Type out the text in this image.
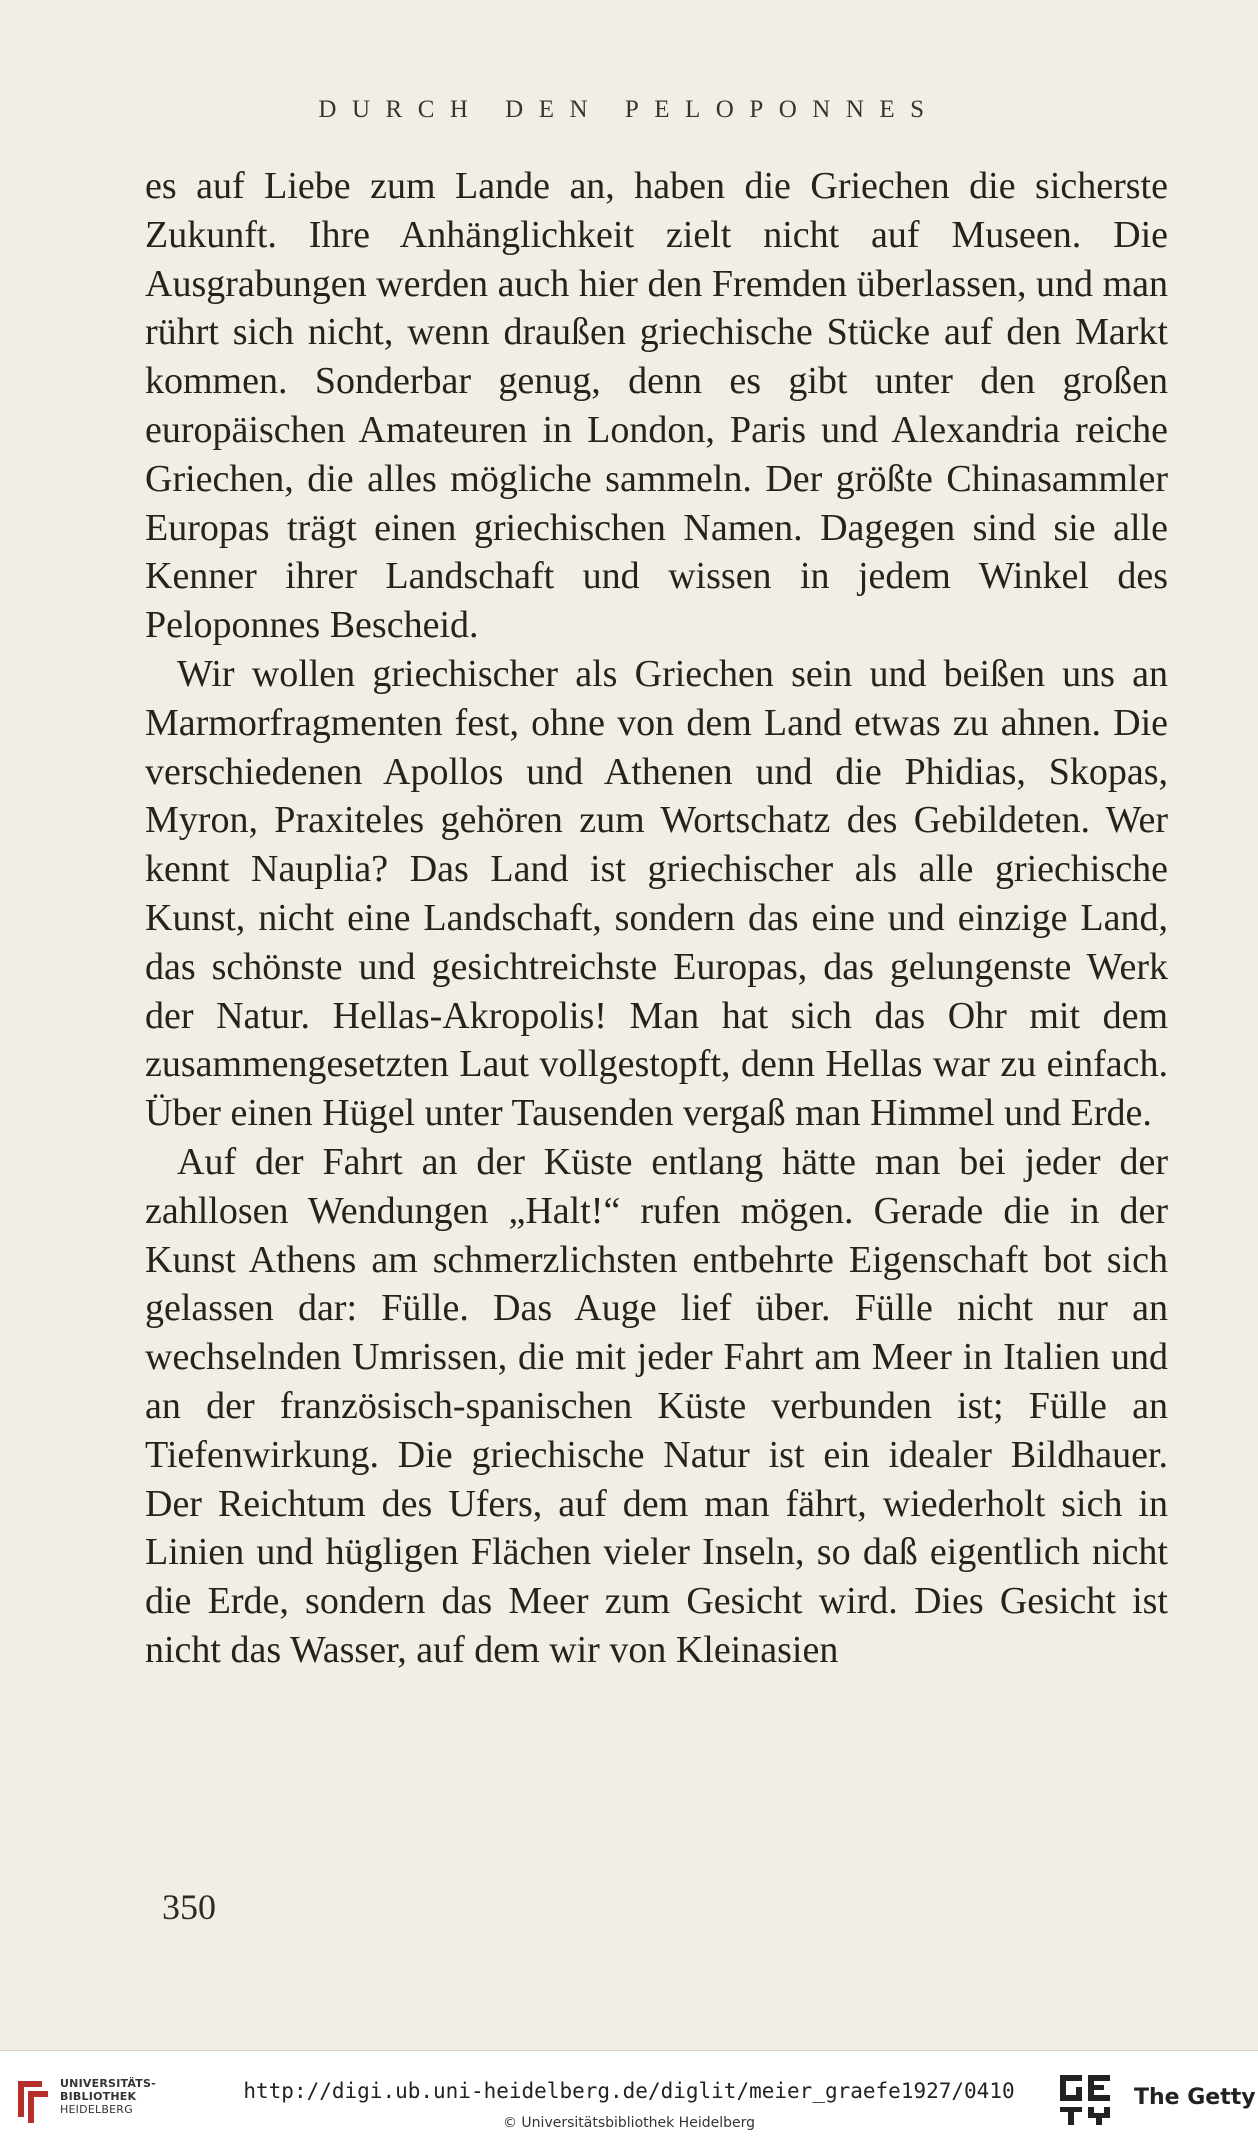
DURCH DEN PELOPONNES

es auf Liebe zum Lande an, haben die Griechen die sicherste Zukunft. Ihre Anhänglichkeit zielt nicht auf Museen. Die Ausgrabungen werden auch hier den Fremden überlassen, und man rührt sich nicht, wenn draußen griechische Stücke auf den Markt kommen. Sonderbar genug, denn es gibt unter den großen europäischen Amateuren in London, Paris und Alexandria reiche Griechen, die alles mögliche sammeln. Der größte Chinasammler Europas trägt einen griechischen Namen. Dagegen sind sie alle Kenner ihrer Landschaft und wissen in jedem Winkel des Peloponnes Bescheid.

Wir wollen griechischer als Griechen sein und beißen uns an Marmorfragmenten fest, ohne von dem Land etwas zu ahnen. Die verschiedenen Apollos und Athenen und die Phidias, Skopas, Myron, Praxiteles gehören zum Wortschatz des Gebildeten. Wer kennt Nauplia? Das Land ist griechischer als alle griechische Kunst, nicht eine Landschaft, sondern das eine und einzige Land, das schönste und gesichtreichste Europas, das gelungenste Werk der Natur. Hellas-Akropolis! Man hat sich das Ohr mit dem zusammengesetzten Laut vollgestopft, denn Hellas war zu einfach. Über einen Hügel unter Tausenden vergaß man Himmel und Erde.

Auf der Fahrt an der Küste entlang hätte man bei jeder der zahllosen Wendungen „Halt!“ rufen mögen. Gerade die in der Kunst Athens am schmerzlichsten entbehrte Eigenschaft bot sich gelassen dar: Fülle. Das Auge lief über. Fülle nicht nur an wechselnden Umrissen, die mit jeder Fahrt am Meer in Italien und an der französisch-spanischen Küste verbunden ist; Fülle an Tiefenwirkung. Die griechische Natur ist ein idealer Bildhauer. Der Reichtum des Ufers, auf dem man fährt, wiederholt sich in Linien und hügligen Flächen vieler Inseln, so daß eigentlich nicht die Erde, sondern das Meer zum Gesicht wird. Dies Gesicht ist nicht das Wasser, auf dem wir von Kleinasien

350
UNIVERSITÄTS-
BIBLIOTHEK
HEIDELBERG
http://digi.ub.uni-heidelberg.de/diglit/meier_graefe1927/0410
© Universitätsbibliothek Heidelberg
The Getty
